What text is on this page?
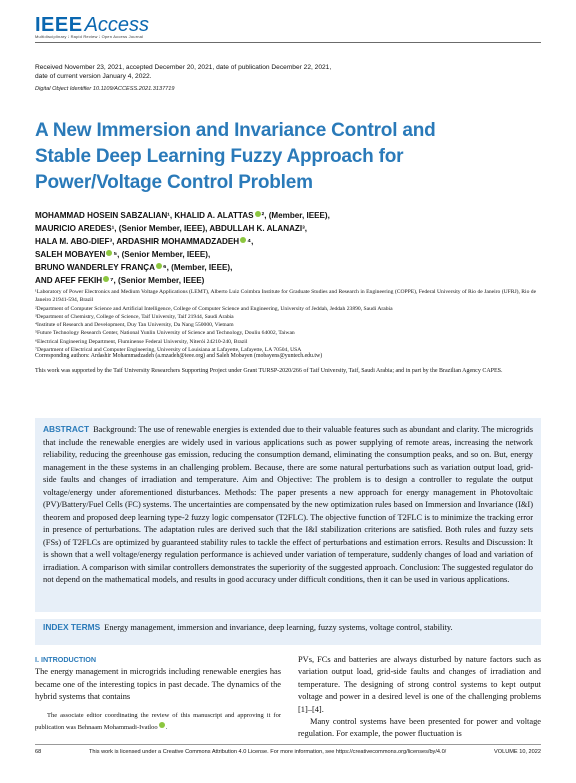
IEEE Access
Multidisciplinary ⁞ Rapid Review ⁞ Open Access Journal
Received November 23, 2021, accepted December 20, 2021, date of publication December 22, 2021,
date of current version January 4, 2022.
Digital Object Identifier 10.1109/ACCESS.2021.3137719
A New Immersion and Invariance Control and Stable Deep Learning Fuzzy Approach for Power/Voltage Control Problem
MOHAMMAD HOSEIN SABZALIAN¹, KHALID A. ALATTAS ², (Member, IEEE),
MAURICIO AREDES¹, (Senior Member, IEEE), ABDULLAH K. ALANAZI³,
HALA M. ABO-DIEF³, ARDASHIR MOHAMMADZADEH ⁴,
SALEH MOBAYEN ⁵, (Senior Member, IEEE),
BRUNO WANDERLEY FRANÇA ⁶, (Member, IEEE),
AND AFEF FEKIH ⁷, (Senior Member, IEEE)
¹Laboratory of Power Electronics and Medium Voltage Applications (LEMT), Alberto Luiz Coimbra Institute for Graduate Studies and Research in Engineering (COPPE), Federal University of Rio de Janeiro (UFRJ), Rio de Janeiro 21941-594, Brazil
²Department of Computer Science and Artificial Intelligence, College of Computer Science and Engineering, University of Jeddah, Jeddah 23890, Saudi Arabia
³Department of Chemistry, College of Science, Taif University, Taif 21944, Saudi Arabia
⁴Institute of Research and Development, Duy Tan University, Da Nang 550000, Vietnam
⁵Future Technology Research Center, National Yunlin University of Science and Technology, Douliu 64002, Taiwan
⁶Electrical Engineering Department, Fluminense Federal University, Niterói 24210-240, Brazil
⁷Department of Electrical and Computer Engineering, University of Louisiana at Lafayette, Lafayette, LA 70504, USA
Corresponding authors: Ardashir Mohammadzadeh (a.mzadeh@ieee.org) and Saleh Mobayen (mobayens@yuntech.edu.tw)
This work was supported by the Taif University Researchers Supporting Project under Grant TURSP-2020/266 of Taif University, Taif, Saudi Arabia; and in part by the Brazilian Agency CAPES.
ABSTRACT Background: The use of renewable energies is extended due to their valuable features such as abundant and clarity. The microgrids that include the renewable energies are widely used in various applications such as power supplying of remote areas, increasing the network reliability, reducing the greenhouse gas emission, reducing the consumption demand, eliminating the consumption peaks, and so on. But, energy management in the these systems in an challenging problem. Because, there are some natural perturbations such as variation output load, grid-side faults and changes of irradiation and temperature. Aim and Objective: The problem is to design a controller to regulate the output voltage/energy under aforementioned disturbances. Methods: The paper presents a new approach for energy management in Photovoltaic (PV)/Battery/Fuel Cells (FC) systems. The uncertainties are compensated by the new optimization rules based on Immersion and Invariance (I&I) theorem and proposed deep learning type-2 fuzzy logic compensator (T2FLC). The objective function of T2FLC is to minimize the tracking error in presence of perturbations. The adaptation rules are derived such that the I&I stabilization criterions are satisfied. Both rules and fuzzy sets (FSs) of T2FLCs are optimized by guaranteed stability rules to tackle the effect of perturbations and estimation errors. Results and Discussion: It is shown that a well voltage/energy regulation performance is achieved under variation of temperature, suddenly changes of load and variation of irradiation. A comparison with similar controllers demonstrates the superiority of the suggested approach. Conclusion: The suggested regulator do not depend on the mathematical models, and results in good accuracy under difficult conditions, then it can be used in various applications.
INDEX TERMS Energy management, immersion and invariance, deep learning, fuzzy systems, voltage control, stability.
I. INTRODUCTION
The energy management in microgrids including renewable energies has became one of the interesting topics in past decade. The dynamics of the hybrid systems that contains
The associate editor coordinating the review of this manuscript and approving it for publication was Behnaam Mohammadi-Ivatloo .
PVs, FCs and batteries are always disturbed by nature factors such as variation output load, grid-side faults and changes of irradiation and temperature. The designing of strong control systems to kept output voltage and power in a desired level is one of the challenging problems [1]–[4].
Many control systems have been presented for power and voltage regulation. For example, the power fluctuation is
68	This work is licensed under a Creative Commons Attribution 4.0 License. For more information, see https://creativecommons.org/licenses/by/4.0/	VOLUME 10, 2022
